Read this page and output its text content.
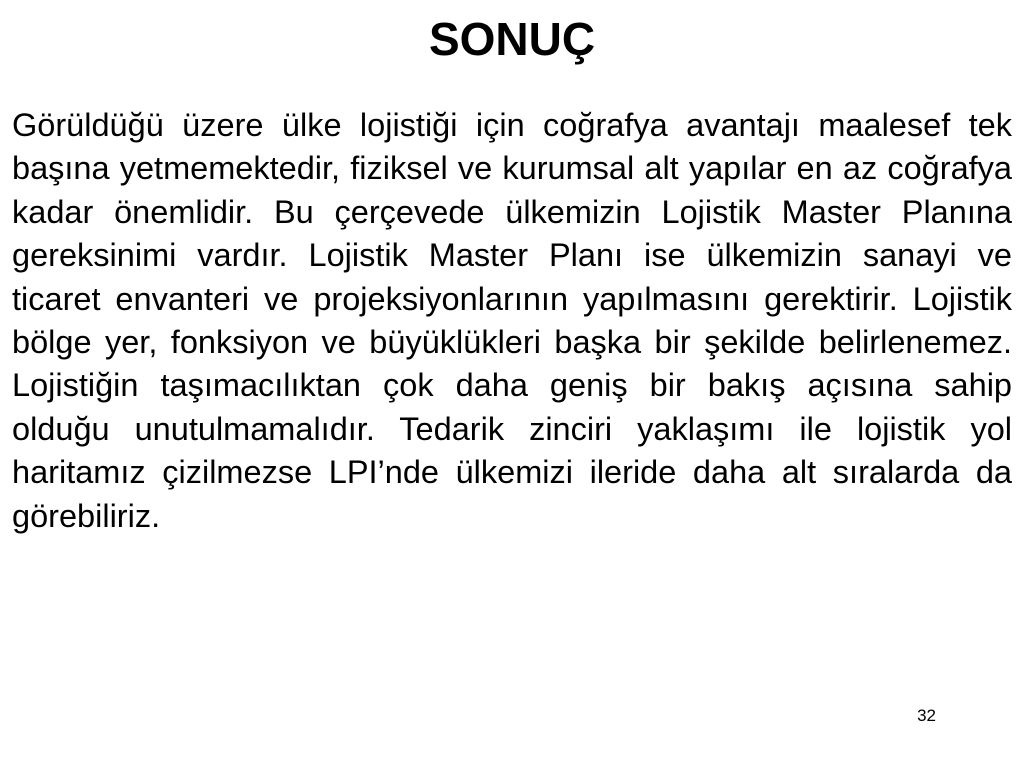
SONUÇ

Görüldüğü üzere ülke lojistiği için coğrafya avantajı maalesef tek başına yetmemektedir, fiziksel ve kurumsal alt yapılar en az coğrafya kadar önemlidir. Bu çerçevede ülkemizin Lojistik Master Planına gereksinimi vardır. Lojistik Master Planı ise ülkemizin sanayi ve ticaret envanteri ve projeksiyonlarının yapılmasını gerektirir. Lojistik bölge yer, fonksiyon ve büyüklükleri başka bir şekilde belirlenemez. Lojistiğin taşımacılıktan çok daha geniş bir bakış açısına sahip olduğu unutulmamalıdır. Tedarik zinciri yaklaşımı ile lojistik yol haritamız çizilmezse LPI’nde ülkemizi ileride daha alt sıralarda da görebiliriz.

32
